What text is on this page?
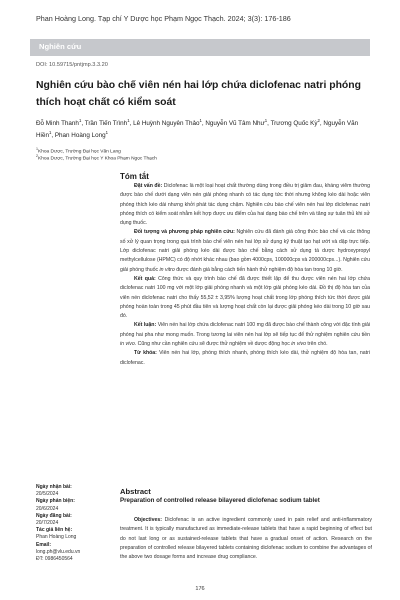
Phan Hoàng Long. Tạp chí Y Dược học Phạm Ngọc Thạch. 2024; 3(3): 176-186
Nghiên cứu
DOI: 10.59715/pntjmp.3.3.20
Nghiên cứu bào chế viên nén hai lớp chứa diclofenac natri phóng thích hoạt chất có kiểm soát
Đỗ Minh Thanh$^1$, Trần Tiến Trình$^1$, Lê Huỳnh Nguyên Thảo$^1$, Nguyễn Vũ Tâm Như$^1$, Trương Quốc Kỳ$^2$, Nguyễn Văn Hiền$^1$, Phan Hoàng Long$^1$
$^1$Khoa Dược, Trường Đại học Văn Lang
$^2$Khoa Dược, Trường Đại học Y Khoa Phạm Ngọc Thạch
Tóm tắt

Đặt vấn đề: Diclofenac là một loại hoạt chất thường dùng trong điều trị giảm đau, kháng viêm thường được bào chế dưới dạng viên nén giải phóng nhanh có tác dụng tức thời nhưng không kéo dài hoặc viên phóng thích kéo dài nhưng khởi phát tác dụng chậm. Nghiên cứu bào chế viên nén hai lớp diclofenac natri phóng thích có kiểm soát nhằm kết hợp được ưu điểm của hai dạng bào chế trên và tăng sự tuân thủ khi sử dụng thuốc.

Đối tượng và phương pháp nghiên cứu: Nghiên cứu đã đánh giá công thức bào chế và các thông số xử lý quan trọng trong quá trình bào chế viên nén hai lớp sử dụng kỹ thuật tạo hạt ướt và dập trực tiếp. Lớp diclofenac natri giải phóng kéo dài được bào chế bằng cách sử dụng tá dược hydroxypropyl methylcellulose (HPMC) có độ nhớt khác nhau (bao gồm 4000cps, 100000cps và 200000cps...). Nghiên cứu giải phóng thuốc in vitro được đánh giá bằng cách tiến hành thử nghiệm độ hòa tan trong 10 giờ.

Kết quả: Công thức và quy trình bào chế đã được thiết lập để thu được viên nén hai lớp chứa diclofenac natri 100 mg với một lớp giải phóng nhanh và một lớp giải phóng kéo dài. Đồ thị độ hòa tan của viên nén diclofenac natri cho thấy 55,52 ± 3,95% lượng hoạt chất trong lớp phóng thích tức thời được giải phóng hoàn toàn trong 45 phút đầu tiên và lượng hoạt chất còn lại được giải phóng kéo dài trong 10 giờ sau đó.

Kết luận: Viên nén hai lớp chứa diclofenac natri 100 mg đã được bào chế thành công với đặc tính giải phóng hai pha như mong muốn. Trong tương lai viên nén hai lớp sẽ tiếp tục để thử nghiệm nghiên cứu tiền in vivo. Cũng như cần nghiên cứu sẽ được thử nghiệm về dược động học in vivo trên chó.

Từ khóa: Viên nén hai lớp, phóng thích nhanh, phóng thích kéo dài, thử nghiệm độ hòa tan, natri diclofenac.

Ngày nhận bài:
20/5/2024
Ngày phản biện:
20/6/2024
Ngày đăng bài:
20/7/2024
Tác giả liên hệ:
Phan Hoàng Long
Email:
long.ph@vlu.edu.vn
ĐT: 0986450564
Abstract
Preparation of controlled release bilayered diclofenac sodium tablet

Objectives: Diclofenac is an active ingredient commonly used in pain relief and anti-inflammatory treatment. It is typically manufactured as immediate-release tablets that have a rapid beginning of effect but do not last long or as sustained-release tablets that have a gradual onset of action. Research on the preparation of controlled release bilayered tablets containing diclofenac sodium to combine the advantages of the above two dosage forms and increase drug compliance.

176
